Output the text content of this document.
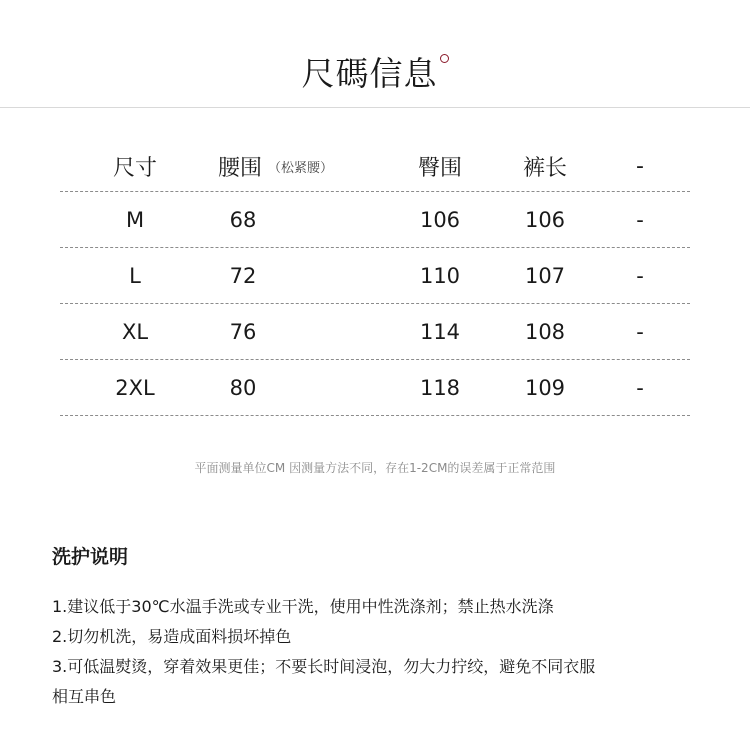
尺碼信息
尺寸	腰围 （松紧腰）	臀围	裤长	-
M	68	106	106	-
L	72	110	107	-
XL	76	114	108	-
2XL	80	118	109	-
平面测量单位CM 因测量方法不同，存在1-2CM的误差属于正常范围
洗护说明
1.建议低于30℃水温手洗或专业干洗，使用中性洗涤剂；禁止热水洗涤
2.切勿机洗，易造成面料损坏掉色
3.可低温熨烫，穿着效果更佳；不要长时间浸泡，勿大力拧绞，避免不同衣服
相互串色
